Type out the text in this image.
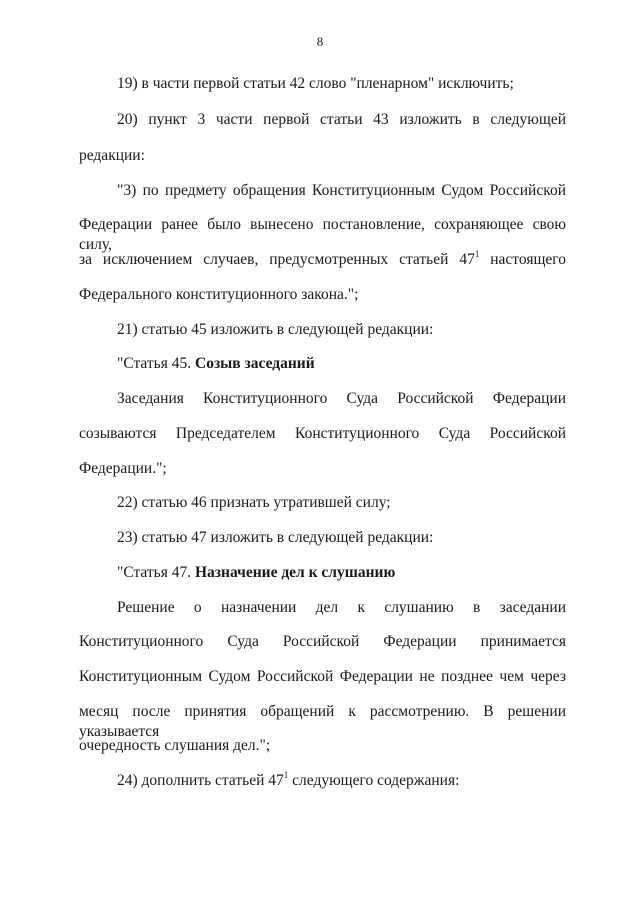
8
19) в части первой статьи 42 слово "пленарном" исключить;
20) пункт 3 части первой статьи 43 изложить в следующей
редакции:
"3) по предмету обращения Конституционным Судом Российской
Федерации ранее было вынесено постановление, сохраняющее свою силу,
за исключением случаев, предусмотренных статьей $47^1$ настоящего
Федерального конституционного закона.";
21) статью 45 изложить в следующей редакции:
"Статья 45. Созыв заседаний
Заседания Конституционного Суда Российской Федерации
созываются Председателем Конституционного Суда Российской
Федерации.";
22) статью 46 признать утратившей силу;
23) статью 47 изложить в следующей редакции:
"Статья 47. Назначение дел к слушанию
Решение о назначении дел к слушанию в заседании
Конституционного Суда Российской Федерации принимается
Конституционным Судом Российской Федерации не позднее чем через
месяц после принятия обращений к рассмотрению. В решении указывается
очередность слушания дел.";
24) дополнить статьей $47^1$ следующего содержания:
